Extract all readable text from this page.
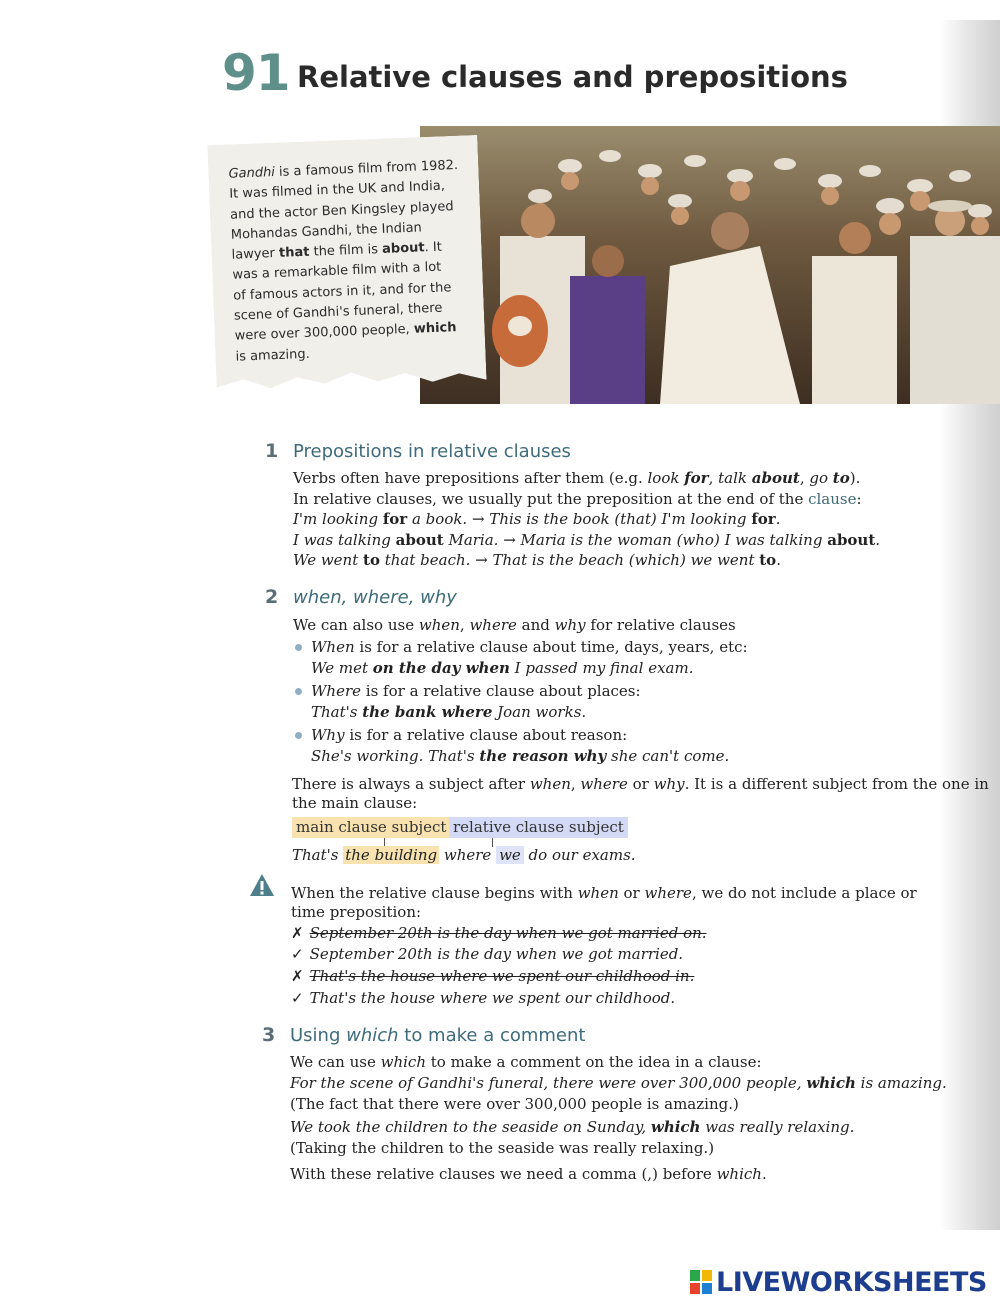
91 Relative clauses and prepositions
Gandhi is a famous film from 1982.
It was filmed in the UK and India,
and the actor Ben Kingsley played
Mohandas Gandhi, the Indian
lawyer that the film is about. It
was a remarkable film with a lot
of famous actors in it, and for the
scene of Gandhi's funeral, there
were over 300,000 people, which
is amazing.
1 Prepositions in relative clauses
Verbs often have prepositions after them (e.g. look for, talk about, go to).
In relative clauses, we usually put the preposition at the end of the clause:
I'm looking for a book. → This is the book (that) I'm looking for.
I was talking about Maria. → Maria is the woman (who) I was talking about.
We went to that beach. → That is the beach (which) we went to.
2 when, where, why
We can also use when, where and why for relative clauses
When is for a relative clause about time, days, years, etc:
We met on the day when I passed my final exam.
Where is for a relative clause about places:
That's the bank where Joan works.
Why is for a relative clause about reason:
She's working. That's the reason why she can't come.
There is always a subject after when, where or why. It is a different subject from the one in
the main clause:
main clause subject relative clause subject
That's the building where we do our exams.
When the relative clause begins with when or where, we do not include a place or
time preposition:
✗ September 20th is the day when we got married on.
✓ September 20th is the day when we got married.
✗ That's the house where we spent our childhood in.
✓ That's the house where we spent our childhood.
3 Using which to make a comment
We can use which to make a comment on the idea in a clause:
For the scene of Gandhi's funeral, there were over 300,000 people, which is amazing.
(The fact that there were over 300,000 people is amazing.)
We took the children to the seaside on Sunday, which was really relaxing.
(Taking the children to the seaside was really relaxing.)
With these relative clauses we need a comma (,) before which.
LIVEWORKSHEETS
